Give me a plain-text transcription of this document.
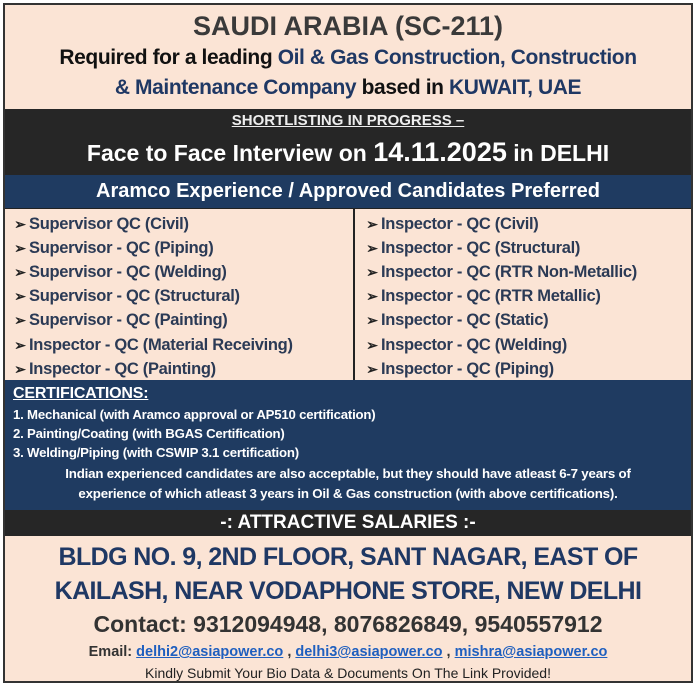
SAUDI ARABIA (SC-211)
Required for a leading Oil & Gas Construction, Construction
& Maintenance Company based in KUWAIT, UAE
SHORTLISTING IN PROGRESS –
Face to Face Interview on 14.11.2025 in DELHI
Aramco Experience / Approved Candidates Preferred
➢ Supervisor QC (Civil)
➢ Supervisor - QC (Piping)
➢ Supervisor - QC (Welding)
➢ Supervisor - QC (Structural)
➢ Supervisor - QC (Painting)
➢ Inspector - QC (Material Receiving)
➢ Inspector - QC (Painting)
➢ Inspector - QC (Civil)
➢ Inspector - QC (Structural)
➢ Inspector - QC (RTR Non-Metallic)
➢ Inspector - QC (RTR Metallic)
➢ Inspector - QC (Static)
➢ Inspector - QC (Welding)
➢ Inspector - QC (Piping)
CERTIFICATIONS:
1. Mechanical (with Aramco approval or AP510 certification)
2. Painting/Coating (with BGAS Certification)
3. Welding/Piping (with CSWIP 3.1 certification)
Indian experienced candidates are also acceptable, but they should have atleast 6-7 years of
experience of which atleast 3 years in Oil & Gas construction (with above certifications).
-: ATTRACTIVE SALARIES :-
BLDG NO. 9, 2ND FLOOR, SANT NAGAR, EAST OF
KAILASH, NEAR VODAPHONE STORE, NEW DELHI
Contact: 9312094948, 8076826849, 9540557912
Email: delhi2@asiapower.co , delhi3@asiapower.co , mishra@asiapower.co
Kindly Submit Your Bio Data & Documents On The Link Provided!
